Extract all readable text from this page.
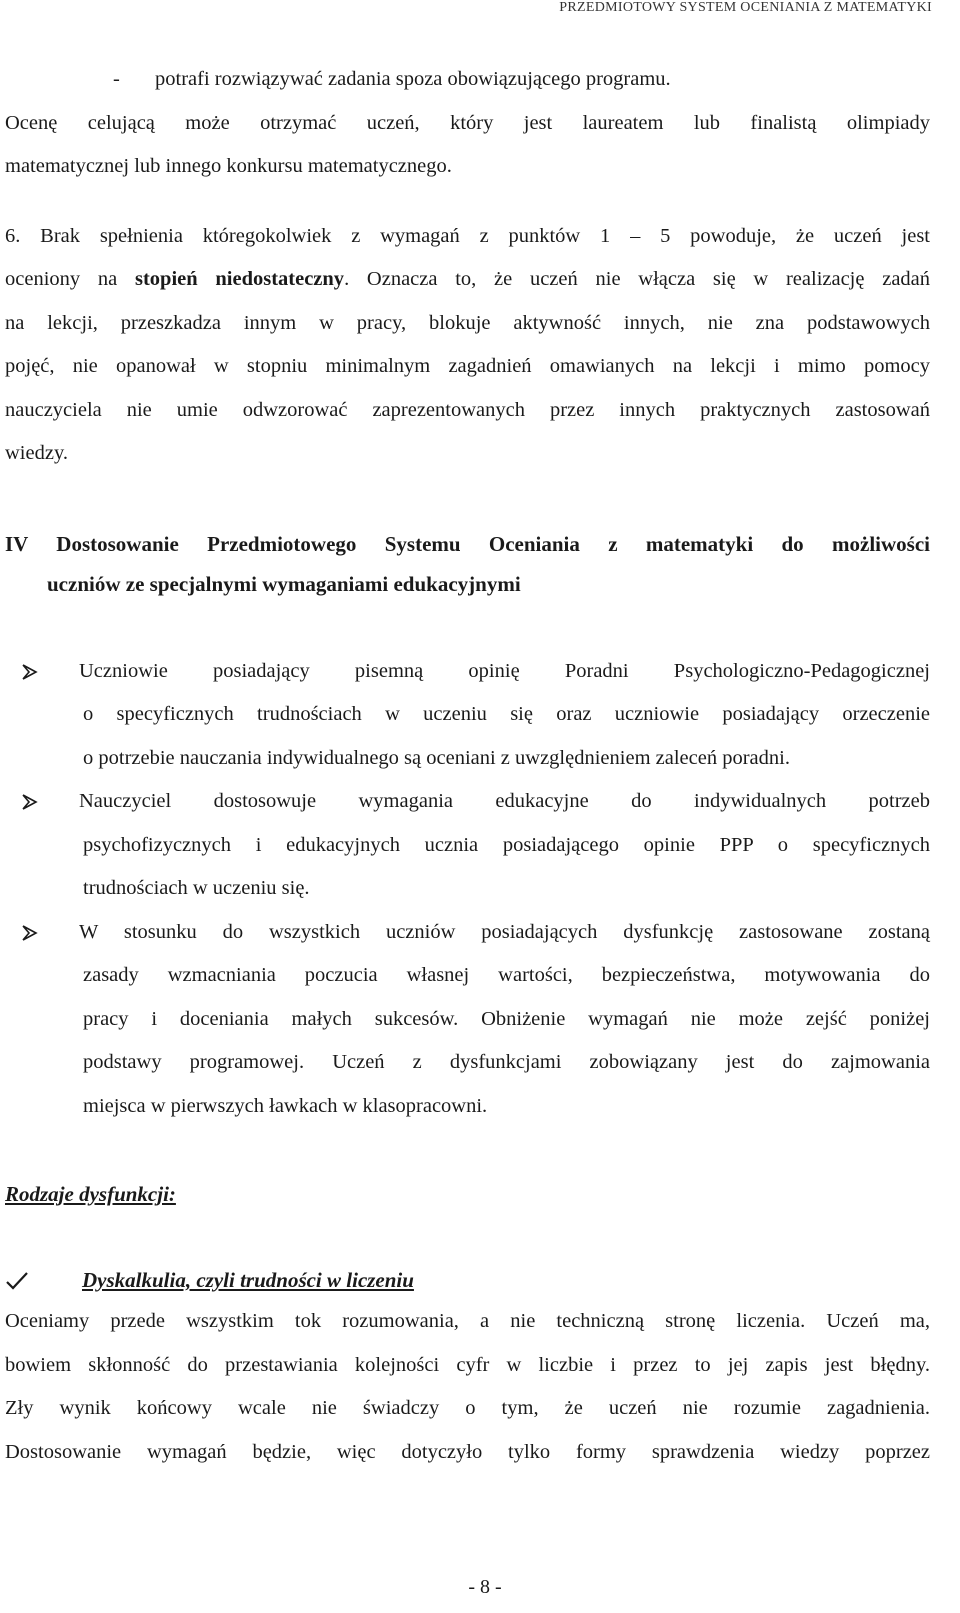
PRZEDMIOTOWY SYSTEM OCENIANIA Z MATEMATYKI
-	potrafi rozwiązywać zadania spoza obowiązującego programu.
Ocenę celującą może otrzymać uczeń, który jest laureatem lub finalistą olimpiady
matematycznej lub innego konkursu matematycznego.
6. Brak spełnienia któregokolwiek z wymagań z punktów 1 – 5 powoduje, że uczeń jest
oceniony na stopień niedostateczny. Oznacza to, że uczeń nie włącza się w realizację zadań
na lekcji, przeszkadza innym w pracy, blokuje aktywność innych, nie zna podstawowych
pojęć, nie opanował w stopniu minimalnym zagadnień omawianych na lekcji i mimo pomocy
nauczyciela nie umie odwzorować zaprezentowanych przez innych praktycznych zastosowań
wiedzy.
IV Dostosowanie Przedmiotowego Systemu Oceniania z matematyki do możliwości
uczniów ze specjalnymi wymaganiami edukacyjnymi
Uczniowie posiadający pisemną opinię Poradni Psychologiczno-Pedagogicznej
o specyficznych trudnościach w uczeniu się oraz uczniowie posiadający orzeczenie
o potrzebie nauczania indywidualnego są oceniani z uwzględnieniem zaleceń poradni.
Nauczyciel dostosowuje wymagania edukacyjne do indywidualnych potrzeb
psychofizycznych i edukacyjnych ucznia posiadającego opinie PPP o specyficznych
trudnościach w uczeniu się.
W stosunku do wszystkich uczniów posiadających dysfunkcję zastosowane zostaną
zasady wzmacniania poczucia własnej wartości, bezpieczeństwa, motywowania do
pracy i doceniania małych sukcesów. Obniżenie wymagań nie może zejść poniżej
podstawy programowej. Uczeń z dysfunkcjami zobowiązany jest do zajmowania
miejsca w pierwszych ławkach w klasopracowni.
Rodzaje dysfunkcji:
Dyskalkulia, czyli trudności w liczeniu
Oceniamy przede wszystkim tok rozumowania, a nie techniczną stronę liczenia. Uczeń ma,
bowiem skłonność do przestawiania kolejności cyfr w liczbie i przez to jej zapis jest błędny.
Zły wynik końcowy wcale nie świadczy o tym, że uczeń nie rozumie zagadnienia.
Dostosowanie wymagań będzie, więc dotyczyło tylko formy sprawdzenia wiedzy poprzez
- 8 -
